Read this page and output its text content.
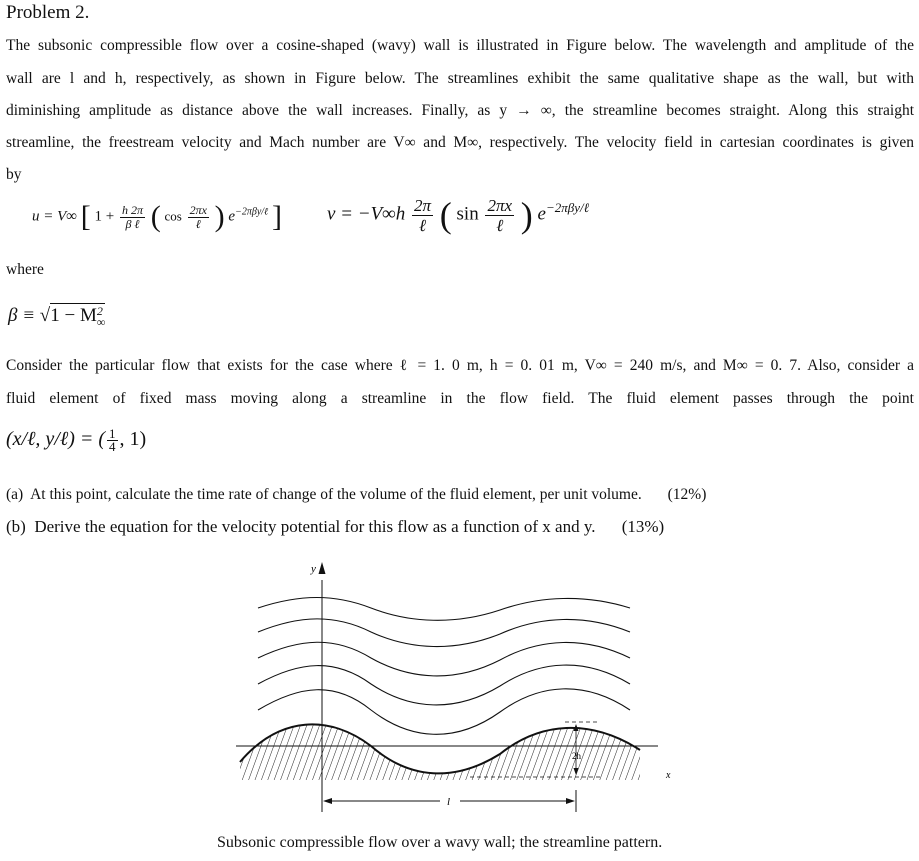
Problem 2.
The subsonic compressible flow over a cosine-shaped (wavy) wall is illustrated in Figure below. The wavelength and amplitude of the
wall are l and h, respectively, as shown in Figure below. The streamlines exhibit the same qualitative shape as the wall, but with
diminishing amplitude as distance above the wall increases. Finally, as y → ∞, the streamline becomes straight. Along this straight
streamline, the freestream velocity and Mach number are V∞ and M∞, respectively. The velocity field in cartesian coordinates is given
by
u = V∞ [ $1 + \frac{h 2\pi}{\text{β ℓ}}$ ( $\cos \frac{2\pi x}{\text{ℓ}}$ ) $e^{-2\pi\beta y/\ell}$ ] $v = -V\infty h \frac{2\pi}{\text{ℓ}}$ ( $\sin \frac{2\pi x}{\text{ℓ}}$ ) $e^{-2\pi\beta y/\ell}$
where
β ≡ √1 − M 2
∞
Consider the particular flow that exists for the case where ℓ = 1. 0 m, h = 0. 01 m, V∞ = 240 m/s, and M∞ = 0. 7. Also, consider a
fluid element of fixed mass moving along a streamline in the flow field. The fluid element passes through the point
(x/ℓ, y/ℓ) = ( $\frac{1}{4}$ , 1)
(a) At this point, calculate the time rate of change of the volume of the fluid element, per unit volume. (12%)
(b) Derive the equation for the velocity potential for this flow as a function of x and y. (13%)
y
x
2h
l
Subsonic compressible flow over a wavy wall; the streamline pattern.
